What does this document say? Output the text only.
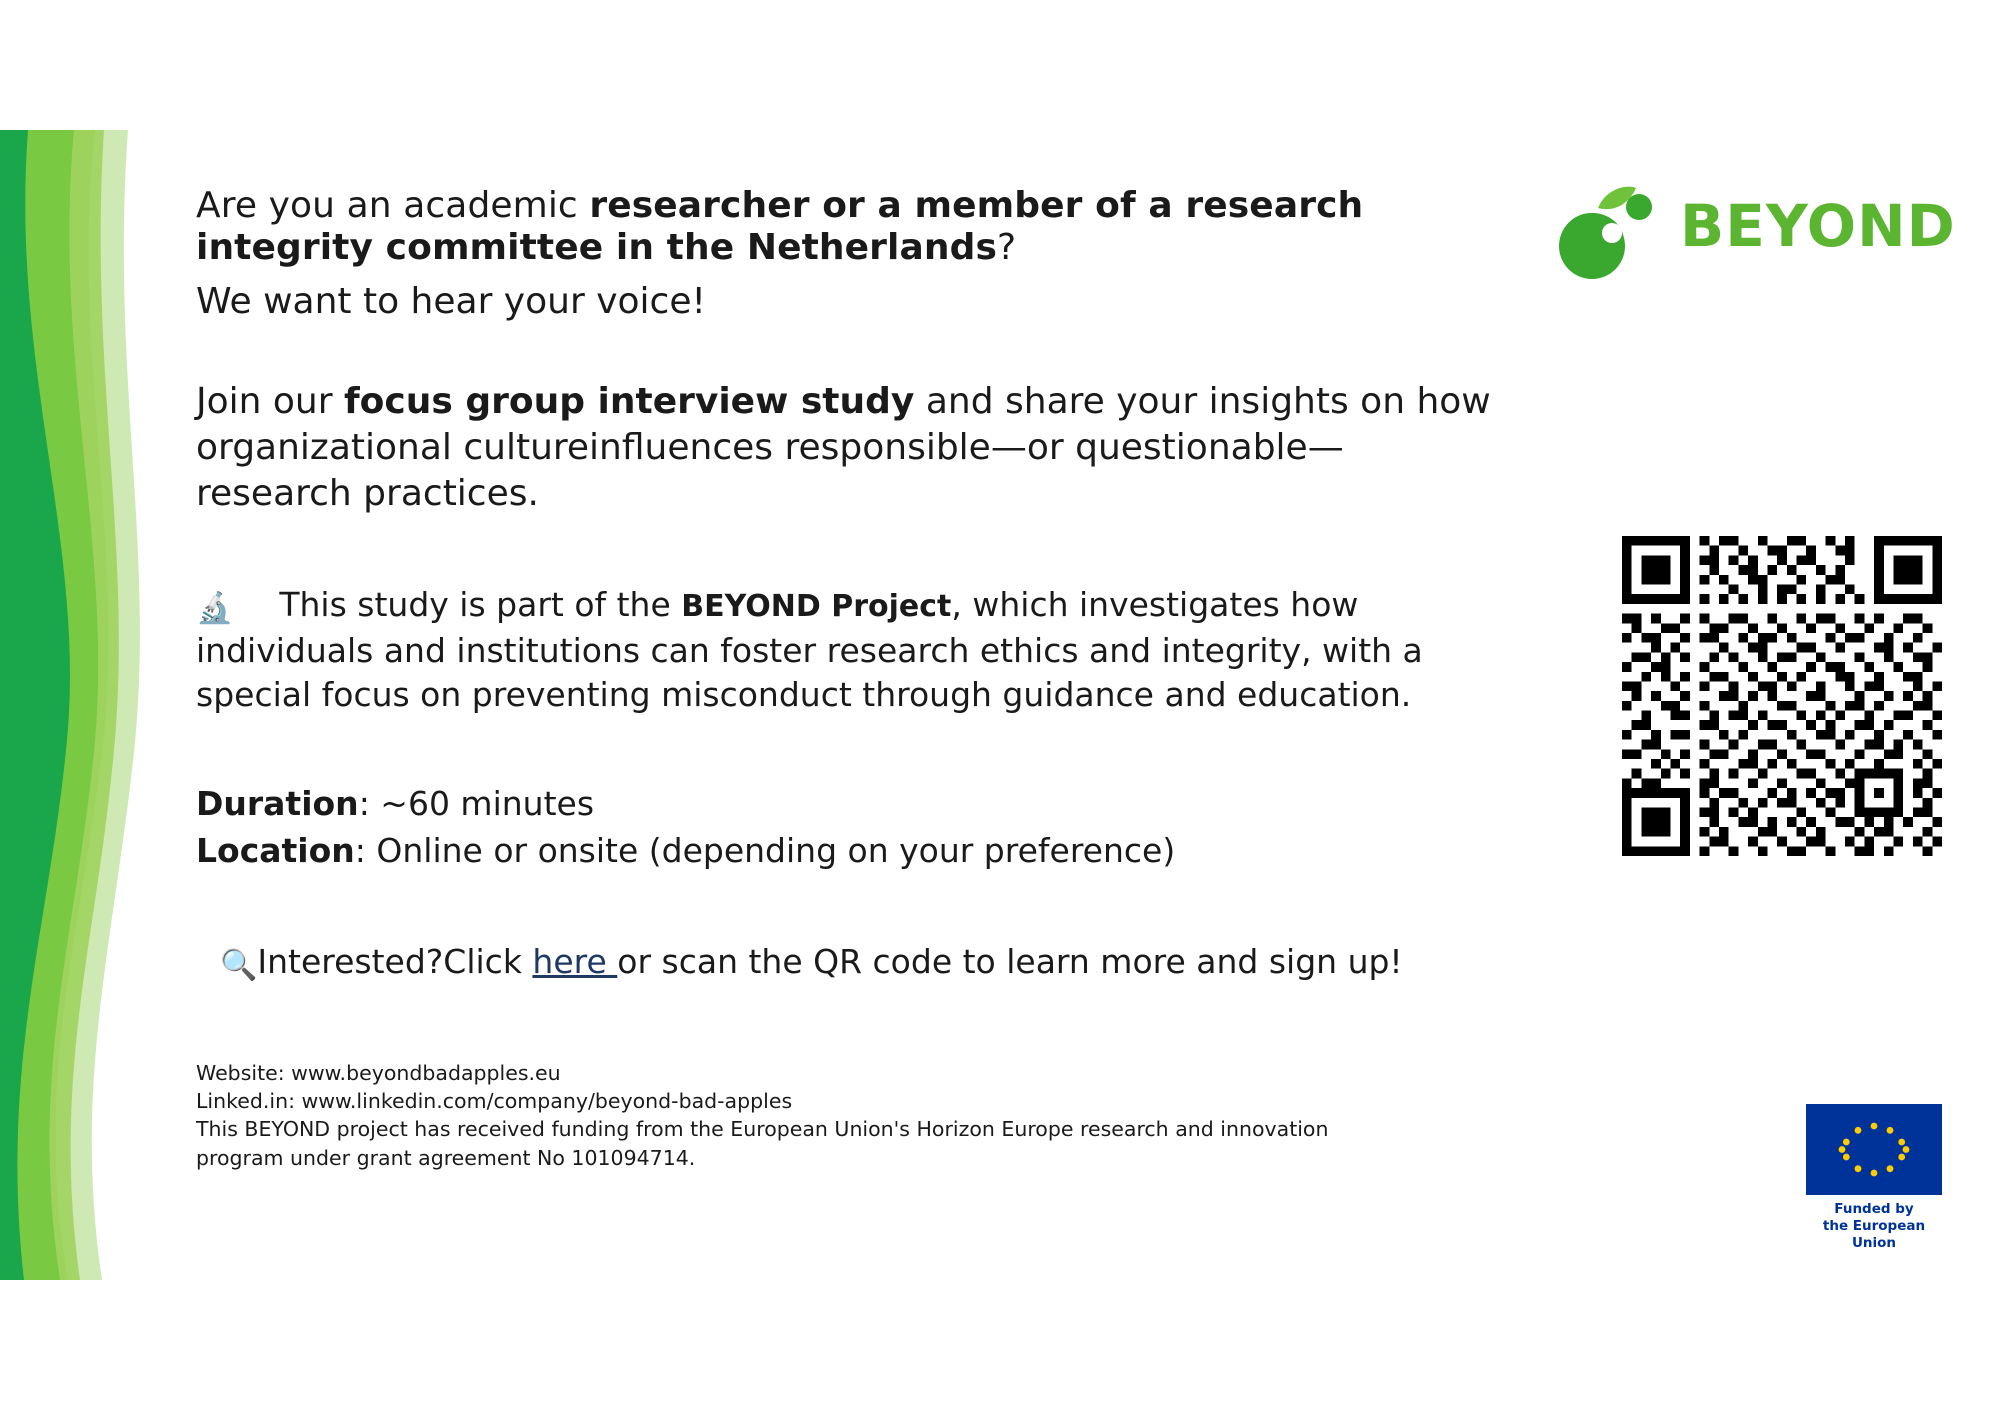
Are you an academic researcher or a member of a research integrity committee in the Netherlands?

We want to hear your voice!

Join our focus group interview study and share your insights on how organizational cultureinfluences responsible—or questionable— research practices.

🔬 This study is part of the BEYOND Project, which investigates how individuals and institutions can foster research ethics and integrity, with a special focus on preventing misconduct through guidance and education.

Duration: ~60 minutes
Location: Online or onsite (depending on your preference)

🔍Interested?Click here or scan the QR code to learn more and sign up!

Website: www.beyondbadapples.eu
Linked.in: www.linkedin.com/company/beyond-bad-apples
This BEYOND project has received funding from the European Union's Horizon Europe research and innovation program under grant agreement No 101094714.
BEYOND
Funded by
the European Union
